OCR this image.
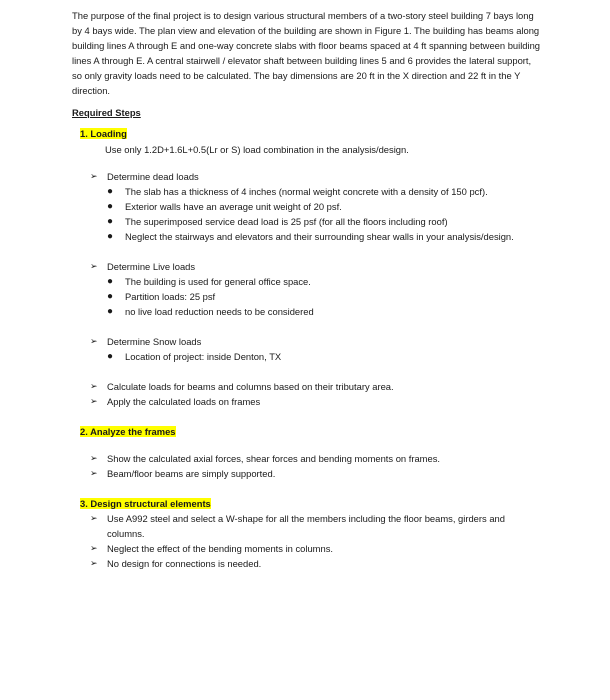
The purpose of the final project is to design various structural members of a two-story steel building 7 bays long by 4 bays wide. The plan view and elevation of the building are shown in Figure 1. The building has beams along building lines A through E and one-way concrete slabs with floor beams spaced at 4 ft spanning between building lines A through E. A central stairwell / elevator shaft between building lines 5 and 6 provides the lateral support, so only gravity loads need to be calculated. The bay dimensions are 20 ft in the X direction and 22 ft in the Y direction.

Required Steps
1. Loading
Use only 1.2D+1.6L+0.5(Lr or S) load combination in the analysis/design.
➢ Determine dead loads
● The slab has a thickness of 4 inches (normal weight concrete with a density of 150 pcf).
● Exterior walls have an average unit weight of 20 psf.
● The superimposed service dead load is 25 psf (for all the floors including roof)
● Neglect the stairways and elevators and their surrounding shear walls in your analysis/design.
➢ Determine Live loads
● The building is used for general office space.
● Partition loads: 25 psf
● no live load reduction needs to be considered
➢ Determine Snow loads
● Location of project: inside Denton, TX
➢ Calculate loads for beams and columns based on their tributary area.
➢ Apply the calculated loads on frames
2. Analyze the frames
➢ Show the calculated axial forces, shear forces and bending moments on frames.
➢ Beam/floor beams are simply supported.
3. Design structural elements
➢ Use A992 steel and select a W-shape for all the members including the floor beams, girders and columns.
➢ Neglect the effect of the bending moments in columns.
➢ No design for connections is needed.
